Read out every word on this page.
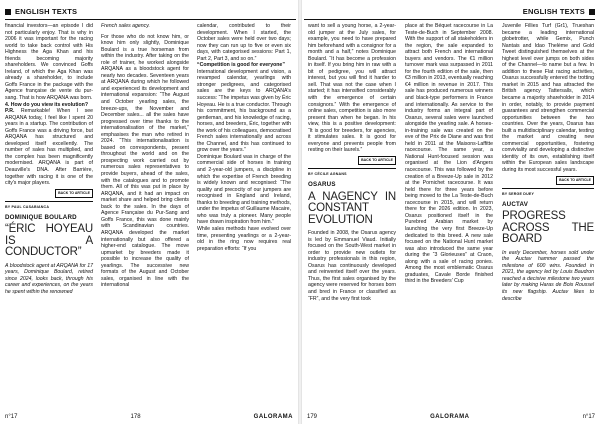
ENGLISH TEXTS

financial investors—an episode I did not particularly enjoy. That is why in 2006 it was important for the racing world to take back control with His Highness the Aga Khan and his friends becoming majority shareholders. We convinced Goffs Ireland, of which the Aga Khan was already a shareholder, to include Goffs France in the package with the Agence française de vente du pur-sang. That is how ARQANA was born.

4. How do you view its evolution?

P.R. Remarkable! When I see ARQANA today, I feel like I spent 20 years in a startup. The contribution of Goffs France was a driving force, but ARQANA has structured and developed itself excellently. The number of sales has multiplied, and the complex has been magnificently modernised. ARQANA is part of Deauville's DNA. After Barrière, together with racing it is one of the city's major players.

BACK TO ARTICLE
BY PAUL CASABIANCA
DOMINIQUE BOULARD
“ÉRIC HOYEAU IS A CONDUCTOR”

A bloodstock agent at ARQANA for 17 years, Dominique Boulard, retired since 2024, looks back, through his career and experiences, on the years he spent within the renowned

French sales agency.

For those who do not know him, or know him only slightly, Dominique Boulard is a true horseman from within the industry. After taking on the role of trainer, he worked alongside ARQANA as a bloodstock agent for nearly two decades. Seventeen years at ARQANA during which he followed and experienced its development and international expansion: “The August and October yearling sales, the breeze-ups, the November and December sales... all the sales have progressed over time thanks to the internationalisation of the market,” emphasises the man who retired in 2024. “This internationalisation is based on correspondents, present throughout the world and on the prospecting work carried out by numerous sales representatives to provide buyers, ahead of the sales, with the catalogues and to promote them. All of this was put in place by ARQANA, and it had an impact on market share and helped bring clients back to the sales. In the days of Agence Française du Pur-Sang and Goffs France, this was done mainly with Scandinavian countries. ARQANA developed the market internationally but also offered a higher-end catalogue. The move upmarket by breeders made it possible to increase the quality of yearlings. The successive new formats of the August and October sales, organised in line with the international

calendar, contributed to their development. When I started, the October sales were held over two days; now they can run up to five or even six days, with categorised sessions: Part 1, Part 2, Part 3, and so on.”

“Competition is good for everyone”

International development and vision, a revamped calendar, yearlings with stronger pedigrees, and categorised sales are the keys to ARQANA's success: “The impetus was given by Éric Hoyeau. He is a true conductor. Through his commitment, his background as a gentleman, and his knowledge of racing, horses, and breeders, Éric, together with the work of his colleagues, democratised French sales internationally and across the Channel, and this has continued to grow over the years.”

Dominique Boulard was in charge of the commercial side of horses in training and 2-year-old jumpers, a discipline in which the expertise of French breeding is widely known and recognised: “The quality and precocity of our jumpers are recognised in England and Ireland, thanks to breeding and training methods, under the impetus of Guillaume Macaire, who was truly a pioneer. Many people have drawn inspiration from him.”

While sales methods have evolved over time, presenting yearlings or a 2-year-old in the ring now requires real preparation efforts: “If you

n°17	178	GALORAMA
ENGLISH TEXTS

want to sell a young horse, a 2-year-old jumper at the July sales, for example, you need to have prepared him beforehand with a consignor for a month and a half,” notes Dominique Boulard. “It has become a profession in itself. If you bring him in raw with a bit of pedigree, you will attract interest, but you will find it harder to sell. That was not the case when I started; it has intensified considerably with the emergence of certain consignors.” With the emergence of online sales, competition is also more present than when he began. In his view, this is a positive development: “It is good for breeders, for agencies, it stimulates sales. It is good for everyone and prevents people from resting on their laurels.”

BACK TO ARTICLE
BY CÉCILE AGNANS
OSARUS
A NAGENCY IN CONSTANT EVOLUTION

Founded in 2008, the Osarus agency is led by Emmanuel Viaud. Initially focused on the South-West market in order to provide new outlets for industry professionals in this region, Osarus has continuously developed and reinvented itself over the years. Thus, the first sales organised by the agency were reserved for horses born and bred in France or classified as “FR”, and the very first took

place at the Béquet racecourse in La Teste-de-Buch in September 2008. With the support of all stakeholders in the region, the sale expanded to attract both French and international buyers and vendors. The €1 million turnover mark was surpassed in 2011 for the fourth edition of the sale, then €3 million in 2013, eventually reaching €4 million in revenue in 2017. This sale has produced numerous winners and black-type performers in France and internationally. As service to the industry forms an integral part of Osarus, several sales were launched alongside the yearling sale. A horses-in-training sale was created on the eve of the Prix de Diane and was first held in 2011 at the Maisons-Laffitte racecourse. The same year, a National Hunt-focused session was organised at the Lion d'Angers racecourse. This was followed by the creation of a Breeze-Up sale in 2012 at the Pornichet racecourse. It was held there for three years before being moved to the La Teste-de-Buch racecourse in 2015, and will return there for the 2026 edition. In 2023, Osarus positioned itself in the Purebred Arabian market by launching the very first Breeze-Up dedicated to this breed. A new sale focused on the National Hunt market was also introduced the same year during the “3 Glorieuses” at Craon, along with a sale of racing ponies. Among the most emblematic Osarus graduates, Cavale Borde finished third in the Breeders' Cup

Juvenile Fillies Turf (Gr1), Trueshan became a leading international globetrotter, while Gemix, Punch Nantais and Idao Thelème and Gold Tweet distinguished themselves at the highest level over jumps on both sides of the Channel—to name but a few. In addition to these Flat racing activities, Osarus successfully entered the trotting market in 2015 and has attracted the British agency Tattersalls, which became a majority shareholder in 2014 in order, notably, to provide payment guarantees and strengthen commercial opportunities between the two countries. Over the years, Osarus has built a multidisciplinary calendar, testing the market and creating new commercial opportunities, fostering conviviality and developing a distinctive identity of its own, establishing itself within the European sales landscape during its most successful years.

BACK TO ARTICLE
BY SERGE DUEY
AUCTAV
PROGRESS ACROSS THE BOARD

In early December, horses sold under the Auctav hammer passed the milestone of 600 wins. Founded in 2021, the agency led by Louis Baudron reached a decisive milestone two years later by making Haras de Bois Roussel its new flagship. Auctav likes to describe

179	GALORAMA	n°17
